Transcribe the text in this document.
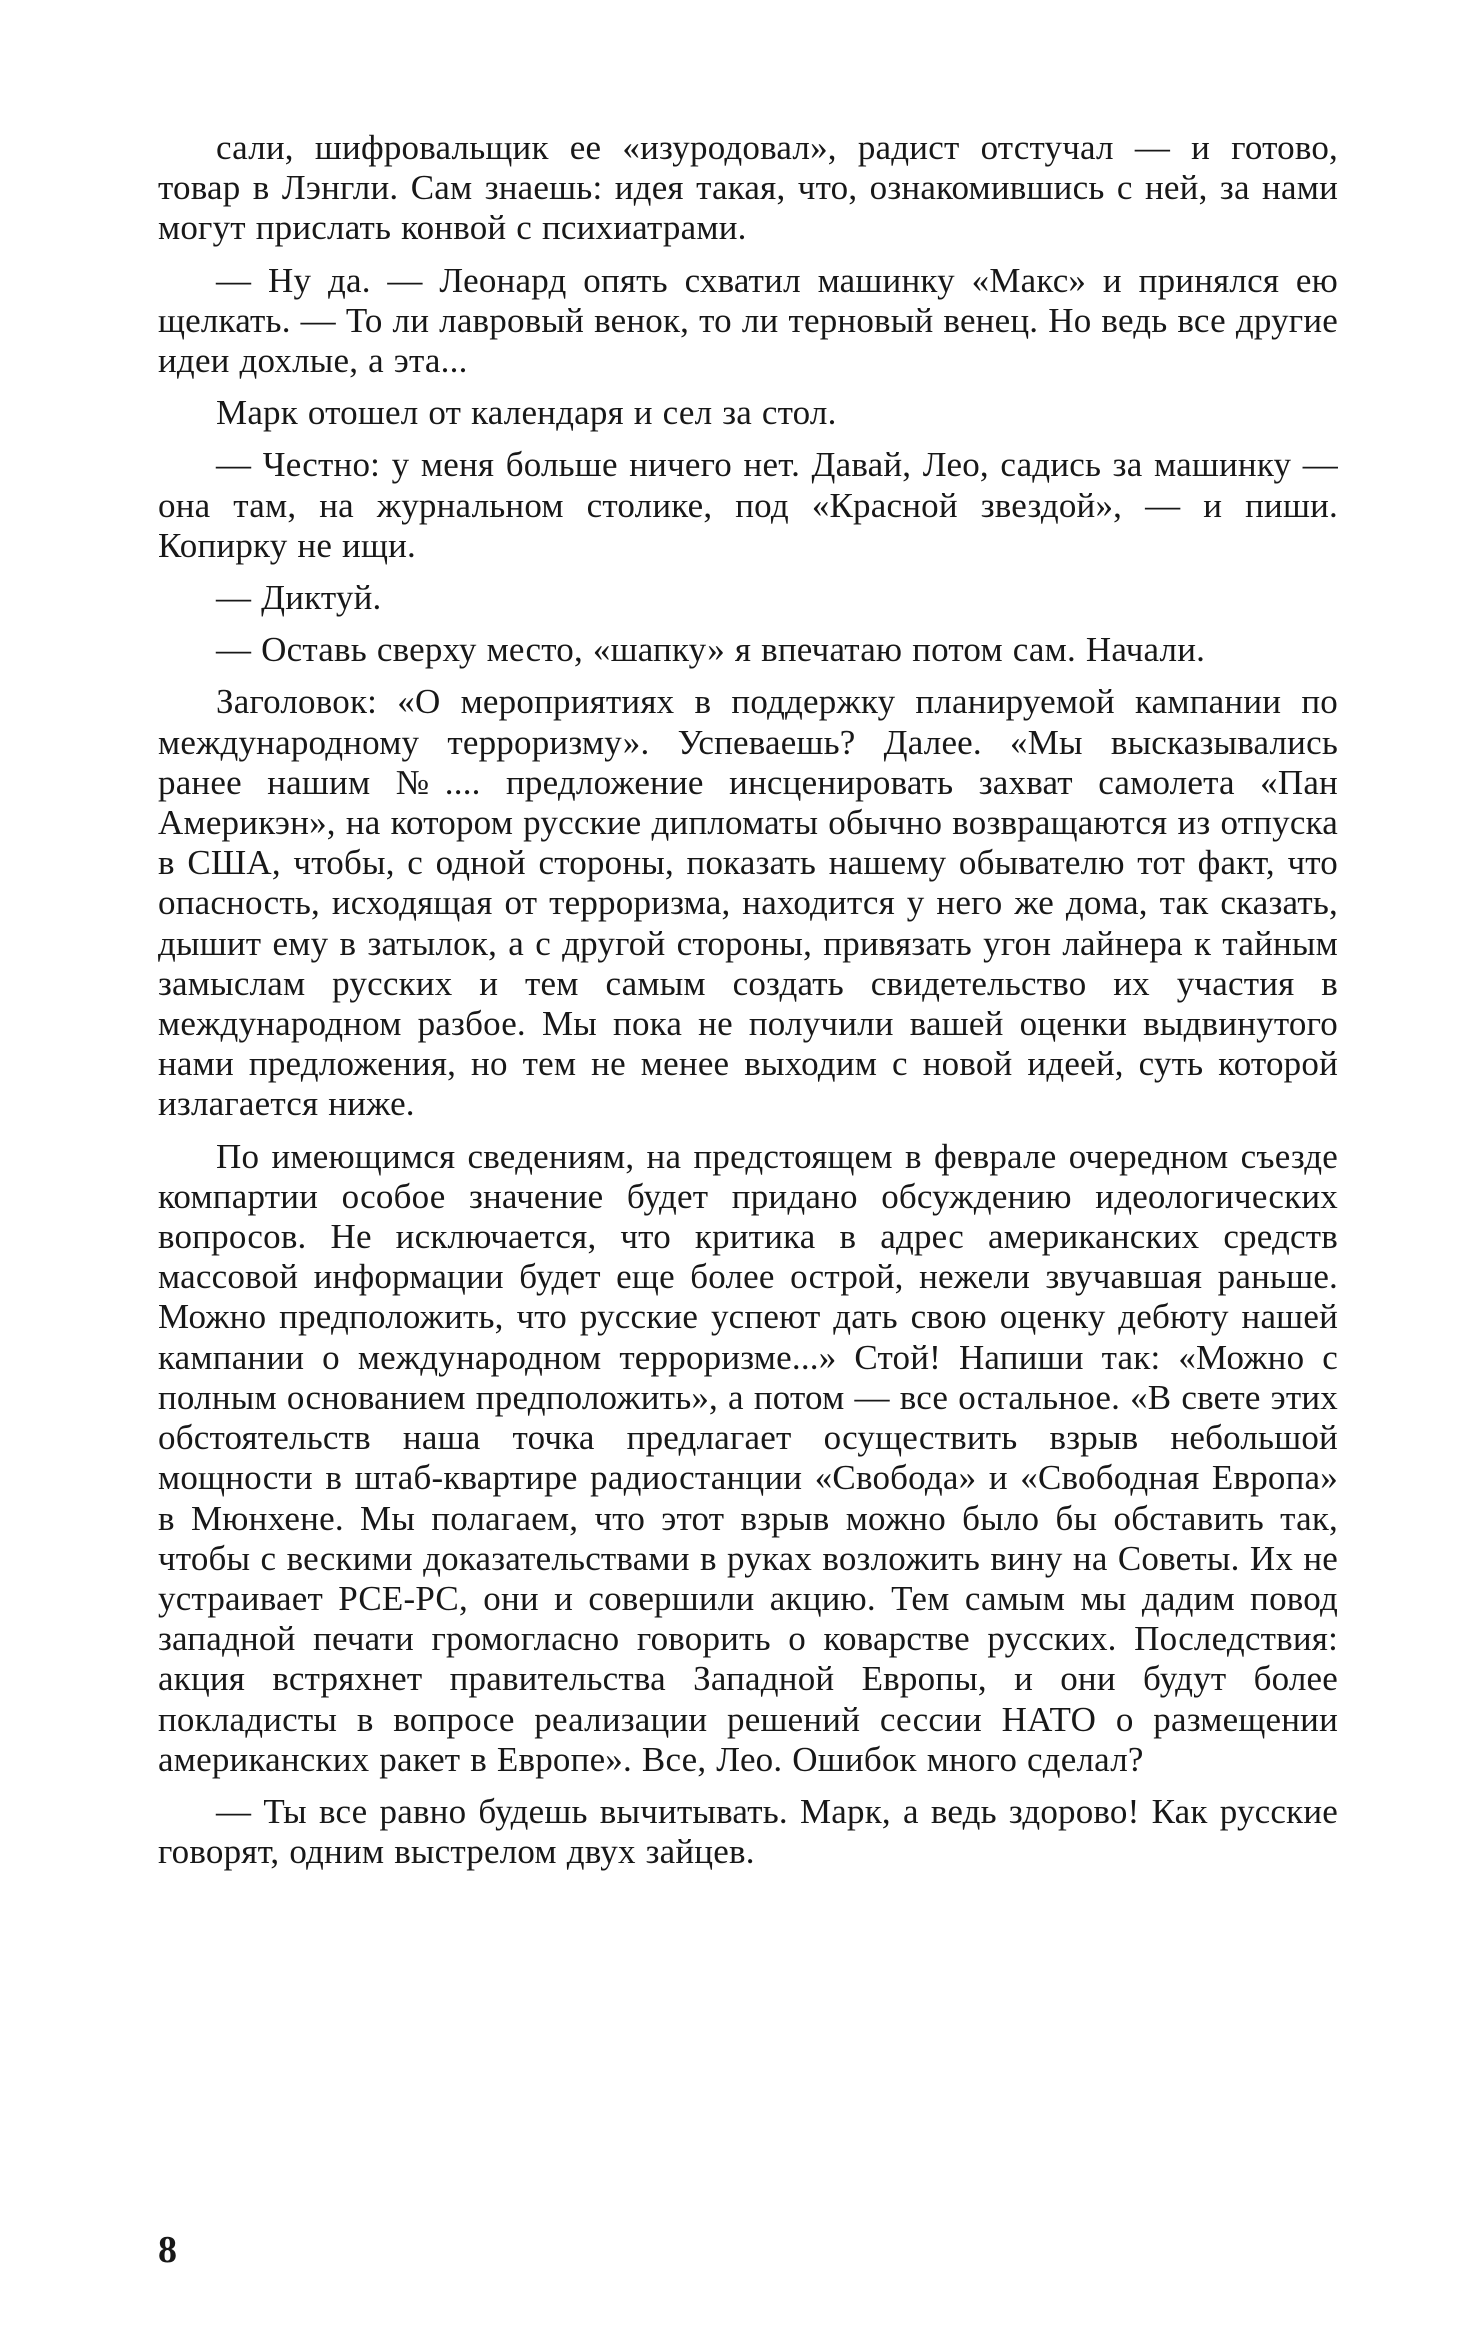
сали, шифровальщик ее «изуродовал», радист отстучал — и готово, товар в Лэнгли. Сам знаешь: идея такая, что, ознакомившись с ней, за нами могут прислать конвой с психиатрами.

— Ну да. — Леонард опять схватил машинку «Макс» и принялся ею щелкать. — То ли лавровый венок, то ли терновый венец. Но ведь все другие идеи дохлые, а эта...

Марк отошел от календаря и сел за стол.

— Честно: у меня больше ничего нет. Давай, Лео, садись за машинку — она там, на журнальном столике, под «Красной звездой», — и пиши. Копирку не ищи.

— Диктуй.

— Оставь сверху место, «шапку» я впечатаю потом сам. Начали.

Заголовок: «О мероприятиях в поддержку планируемой кампании по международному терроризму». Успеваешь? Далее. «Мы высказывались ранее нашим №.... предложение инсценировать захват самолета «Пан Америкэн», на котором русские дипломаты обычно возвращаются из отпуска в США, чтобы, с одной стороны, показать нашему обывателю тот факт, что опасность, исходящая от терроризма, находится у него же дома, так сказать, дышит ему в затылок, а с другой стороны, привязать угон лайнера к тайным замыслам русских и тем самым создать свидетельство их участия в международном разбое. Мы пока не получили вашей оценки выдвинутого нами предложения, но тем не менее выходим с новой идеей, суть которой излагается ниже.

По имеющимся сведениям, на предстоящем в феврале очередном съезде компартии особое значение будет придано обсуждению идеологических вопросов. Не исключается, что критика в адрес американских средств массовой информации будет еще более острой, нежели звучавшая раньше. Можно предположить, что русские успеют дать свою оценку дебюту нашей кампании о международном терроризме...» Стой! Напиши так: «Можно с полным основанием предположить», а потом — все остальное. «В свете этих обстоятельств наша точка предлагает осуществить взрыв небольшой мощности в штаб-квартире радиостанции «Свобода» и «Свободная Европа» в Мюнхене. Мы полагаем, что этот взрыв можно было бы обставить так, чтобы с вескими доказательствами в руках возложить вину на Советы. Их не устраивает РСЕ-РС, они и совершили акцию. Тем самым мы дадим повод западной печати громогласно говорить о коварстве русских. Последствия: акция встряхнет правительства Западной Европы, и они будут более покладисты в вопросе реализации решений сессии НАТО о размещении американских ракет в Европе». Все, Лео. Ошибок много сделал?

— Ты все равно будешь вычитывать. Марк, а ведь здорово! Как русские говорят, одним выстрелом двух зайцев.

8
